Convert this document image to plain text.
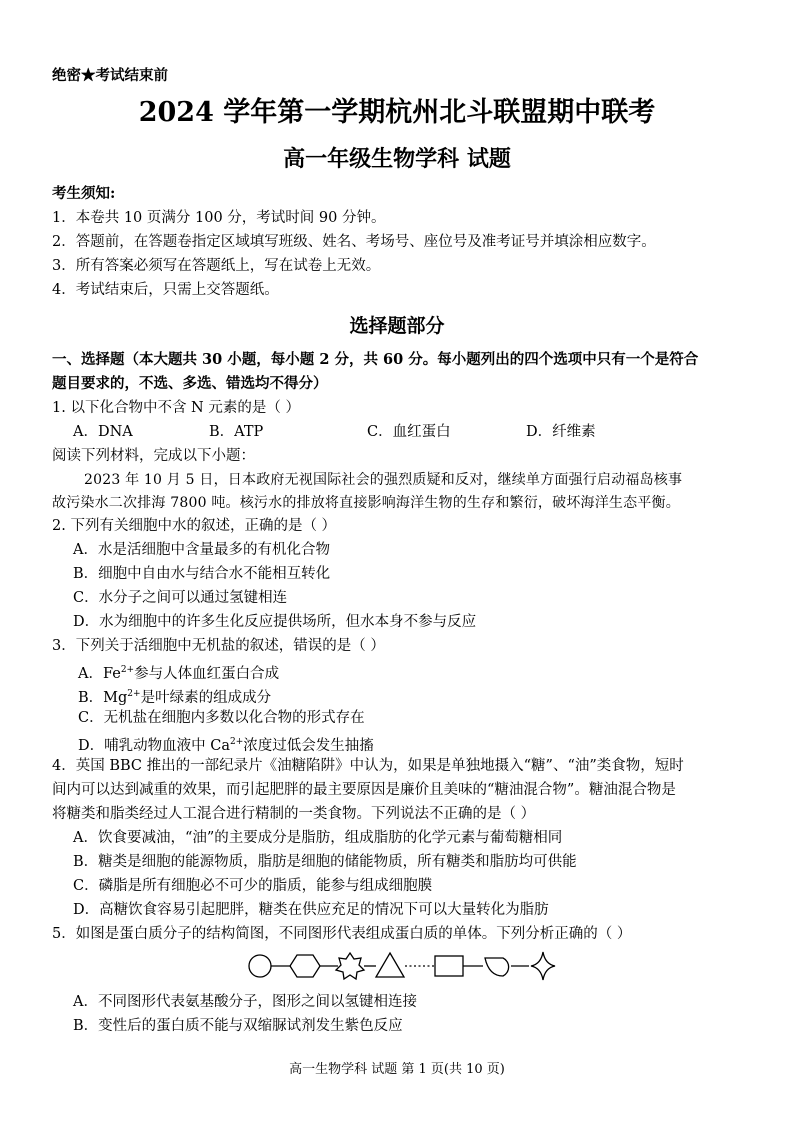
绝密★考试结束前
2024 学年第一学期杭州北斗联盟期中联考
高一年级生物学科 试题
考生须知:
1．本卷共 10 页满分 100 分，考试时间 90 分钟。
2．答题前，在答题卷指定区域填写班级、姓名、考场号、座位号及准考证号并填涂相应数字。
3．所有答案必须写在答题纸上，写在试卷上无效。
4．考试结束后，只需上交答题纸。
选择题部分
一、选择题（本大题共 30 小题，每小题 2 分，共 60 分。每小题列出的四个选项中只有一个是符合
题目要求的，不选、多选、错选均不得分）
1. 以下化合物中不含 N 元素的是（ ）
A．DNA	B．ATP	C．血红蛋白	D．纤维素
阅读下列材料，完成以下小题：
2023 年 10 月 5 日，日本政府无视国际社会的强烈质疑和反对，继续单方面强行启动福岛核事
故污染水二次排海 7800 吨。核污水的排放将直接影响海洋生物的生存和繁衍，破坏海洋生态平衡。
2. 下列有关细胞中水的叙述，正确的是（ ）
A．水是活细胞中含量最多的有机化合物
B．细胞中自由水与结合水不能相互转化
C．水分子之间可以通过氢键相连
D．水为细胞中的许多生化反应提供场所，但水本身不参与反应
3．下列关于活细胞中无机盐的叙述，错误的是（ ）
A．$Fe^{2+}$参与人体血红蛋白合成
B．$Mg^{2+}$是叶绿素的组成成分
C．无机盐在细胞内多数以化合物的形式存在
D．哺乳动物血液中 $Ca^{2+}$浓度过低会发生抽搐
4．英国 BBC 推出的一部纪录片《油糖陷阱》中认为，如果是单独地摄入“糖”、“油”类食物，短时
间内可以达到减重的效果，而引起肥胖的最主要原因是廉价且美味的“糖油混合物”。糖油混合物是
将糖类和脂类经过人工混合进行精制的一类食物。下列说法不正确的是（ ）
A．饮食要减油，“油”的主要成分是脂肪，组成脂肪的化学元素与葡萄糖相同
B．糖类是细胞的能源物质，脂肪是细胞的储能物质，所有糖类和脂肪均可供能
C．磷脂是所有细胞必不可少的脂质，能参与组成细胞膜
D．高糖饮食容易引起肥胖，糖类在供应充足的情况下可以大量转化为脂肪
5．如图是蛋白质分子的结构简图，不同图形代表组成蛋白质的单体。下列分析正确的（ ）
A．不同图形代表氨基酸分子，图形之间以氢键相连接
B．变性后的蛋白质不能与双缩脲试剂发生紫色反应
高一生物学科 试题 第 1 页(共 10 页)
